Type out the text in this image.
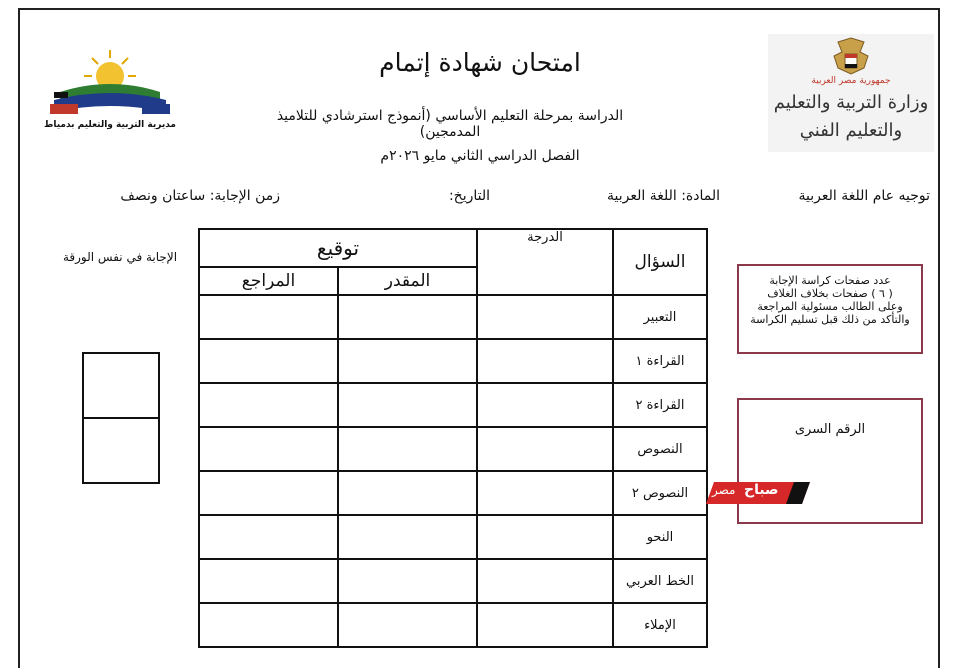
جمهورية مصر العربية
وزارة التربية والتعليم
والتعليم الفني
مديرية التربية والتعليم بدمياط
امتحان شهادة إتمام
الدراسة بمرحلة التعليم الأساسي (أنموذج استرشادي للتلاميذ المدمجين)
الفصل الدراسي الثاني مايو ٢٠٢٦م
توجيه عام اللغة العربية
المادة: اللغة العربية
التاريخ:
زمن الإجابة: ساعتان ونصف
توقيع		الدرجة	السؤال
المراجع	المقدر		
			التعبير
			القراءة ١
			القراءة ٢
			النصوص
			النصوص ٢
			النحو
			الخط العربي
			الإملاء
عدد صفحات كراسة الإجابة
( ٦ ) صفحات بخلاف الغلاف
وعلى الطالب مسئولية المراجعة
والتأكد من ذلك قبل تسليم الكراسة
الرقم السرى
الإجابة في نفس الورقة
مصر صباح
